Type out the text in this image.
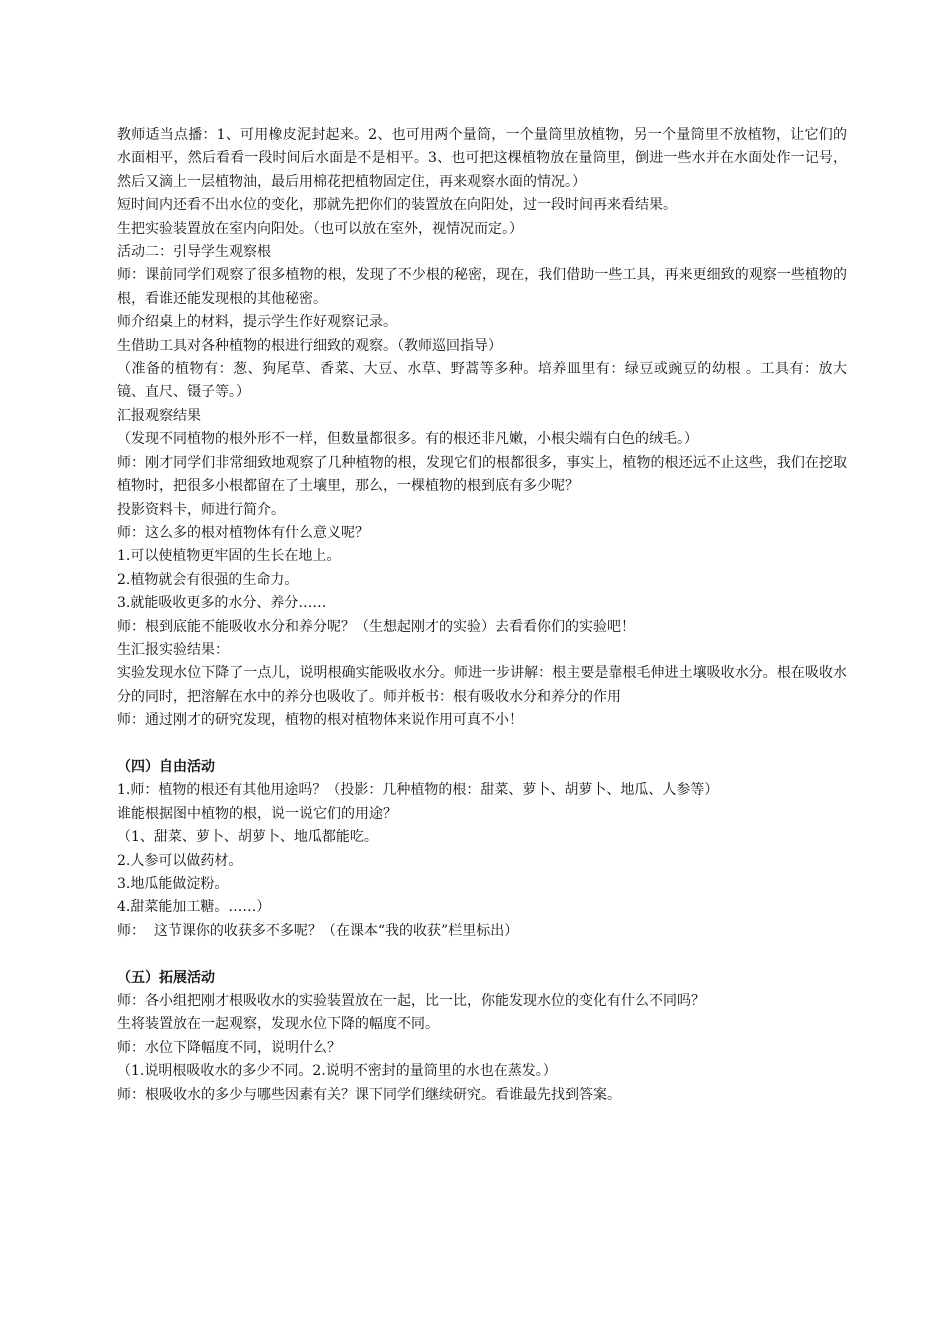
教师适当点播：1、可用橡皮泥封起来。2、也可用两个量筒，一个量筒里放植物，另一个量筒里不放植物，让它们的水面相平，然后看看一段时间后水面是不是相平。3、也可把这棵植物放在量筒里，倒进一些水并在水面处作一记号，然后又滴上一层植物油，最后用棉花把植物固定住，再来观察水面的情况。）

短时间内还看不出水位的变化，那就先把你们的装置放在向阳处，过一段时间再来看结果。

生把实验装置放在室内向阳处。（也可以放在室外，视情况而定。）

活动二：引导学生观察根

师：课前同学们观察了很多植物的根，发现了不少根的秘密，现在，我们借助一些工具，再来更细致的观察一些植物的根，看谁还能发现根的其他秘密。

师介绍桌上的材料，提示学生作好观察记录。

生借助工具对各种植物的根进行细致的观察。（教师巡回指导）

（准备的植物有：葱、狗尾草、香菜、大豆、水草、野蒿等多种。培养皿里有：绿豆或豌豆的幼根 。工具有：放大镜、直尺、镊子等。）

汇报观察结果

（发现不同植物的根外形不一样，但数量都很多。有的根还非凡嫩，小根尖端有白色的绒毛。）

师：刚才同学们非常细致地观察了几种植物的根，发现它们的根都很多，事实上，植物的根还远不止这些，我们在挖取植物时，把很多小根都留在了土壤里，那么，一棵植物的根到底有多少呢？

投影资料卡，师进行简介。

师：这么多的根对植物体有什么意义呢？

1.可以使植物更牢固的生长在地上。

2.植物就会有很强的生命力。

3.就能吸收更多的水分、养分……

师：根到底能不能吸收水分和养分呢？（生想起刚才的实验）去看看你们的实验吧！

生汇报实验结果：

实验发现水位下降了一点儿，说明根确实能吸收水分。师进一步讲解：根主要是靠根毛伸进土壤吸收水分。根在吸收水分的同时，把溶解在水中的养分也吸收了。师并板书：根有吸收水分和养分的作用

师：通过刚才的研究发现，植物的根对植物体来说作用可真不小！

（四）自由活动

1.师：植物的根还有其他用途吗？（投影：几种植物的根：甜菜、萝卜、胡萝卜、地瓜、人参等）

谁能根据图中植物的根，说一说它们的用途？

（1、甜菜、萝卜、胡萝卜、地瓜都能吃。

2.人参可以做药材。

3.地瓜能做淀粉。

4.甜菜能加工糖。……）

师：  这节课你的收获多不多呢？（在课本“我的收获”栏里标出）

（五）拓展活动

师：各小组把刚才根吸收水的实验装置放在一起，比一比，你能发现水位的变化有什么不同吗？

生将装置放在一起观察，发现水位下降的幅度不同。

师：水位下降幅度不同，说明什么？

（1.说明根吸收水的多少不同。2.说明不密封的量筒里的水也在蒸发。）

师：根吸收水的多少与哪些因素有关？课下同学们继续研究。看谁最先找到答案。
